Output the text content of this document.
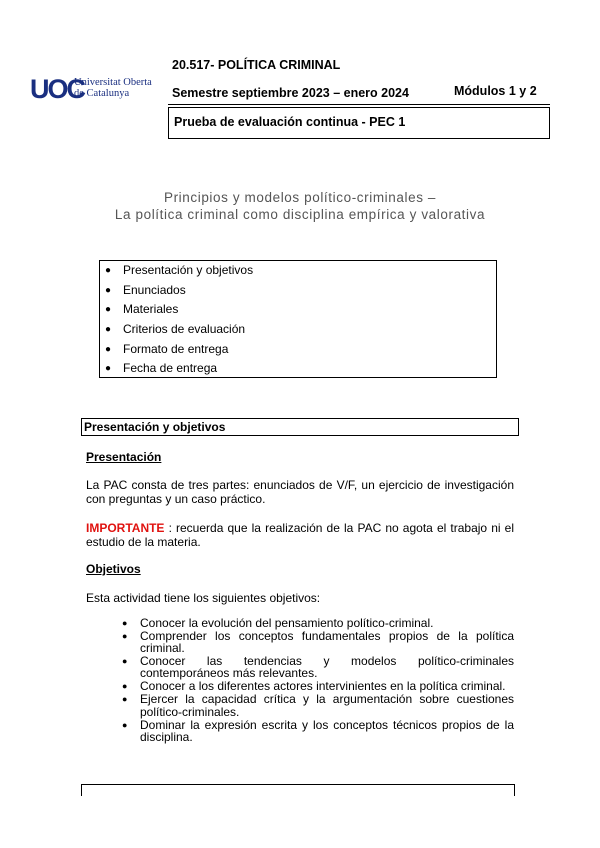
UOC
Universitat Oberta
de Catalunya
20.517- POLÍTICA CRIMINAL
Semestre septiembre 2023 – enero 2024	Módulos 1 y 2
Prueba de evaluación continua - PEC 1
Principios y modelos político-criminales –
La política criminal como disciplina empírica y valorativa
● Presentación y objetivos
● Enunciados
● Materiales
● Criterios de evaluación
● Formato de entrega
● Fecha de entrega
Presentación y objetivos
Presentación
La PAC consta de tres partes: enunciados de V/F, un ejercicio de investigación con preguntas y un caso práctico.
IMPORTANTE : recuerda que la realización de la PAC no agota el trabajo ni el estudio de la materia.
Objetivos
Esta actividad tiene los siguientes objetivos:
● Conocer la evolución del pensamiento político-criminal.
● Comprender los conceptos fundamentales propios de la política criminal.
● Conocer las tendencias y modelos político-criminales contemporáneos más relevantes.
● Conocer a los diferentes actores intervinientes en la política criminal.
● Ejercer la capacidad crítica y la argumentación sobre cuestiones político-criminales.
● Dominar la expresión escrita y los conceptos técnicos propios de la disciplina.
